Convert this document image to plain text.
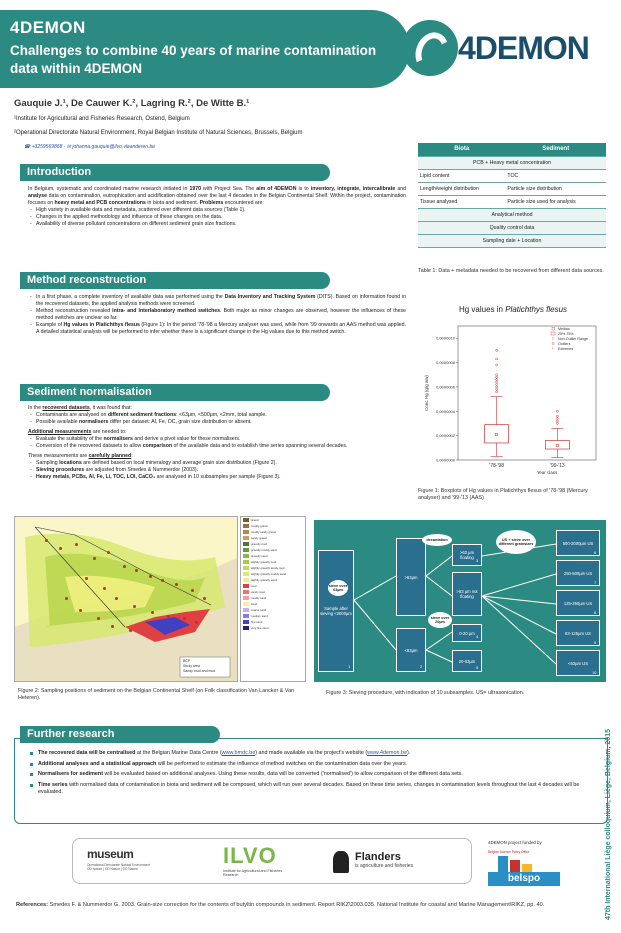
4DEMON
Challenges to combine 40 years of marine contamination data within 4DEMON
4DEMON
Gauquie J.¹, De Cauwer K.², Lagring R.², De Witte B.¹
¹Institute for Agricultural and Fisheries Research, Ostend, Belgium
²Operational Directorate Natural Environment, Royal Belgian Institute of Natural Sciences, Brussels, Belgium
☎ +3259569868 · ✉ johanna.gauquie@ilvo.vlaanderen.be
Introduction

In Belgium, systematic and coordinated marine research initiated in 1970 with Project Sea. The aim of 4DEMON is to inventory, integrate, intercalibrate and analyse data on contamination, eutrophication and acidification obtained over the last 4 decades in the Belgian Continental Shelf. Within the project, contamination focuses on heavy metal and PCB concentrations in biota and sediment. Problems encountered are:

- High variety in available data and metadata, scattered over different data sources (Table 1).
- Changes in the applied methodology and influence of these changes on the data.
- Availability of diverse pollutant concentrations on different sediment grain size fractions.
Method reconstruction
- In a first phase, a complete inventory of available data was performed using the Data Inventory and Tracking System (DITS). Based on information found in the recovered datasets, the applied analysis methods were screened.
- Method reconstruction revealed intra- and interlaboratory method switches. Both major as minor changes are observed, however the influences of these method switches are unclear so far.
- Example of Hg values in Platichthys flesus (Figure 1): In the period '78-'98 a Mercury analyser was used, while from '99 onwards an AAS method was applied. A detailed statistical analysis will be performed to infer whether there is a significant change in the Hg values due to this method switch.
Sediment normalisation

In the recovered datasets, it was found that:

- Contaminants are analysed on different sediment fractions: <63µm, <500µm, <2mm, total sample.
- Possible available normalisers differ per dataset: Al, Fe, OC, grain size distribution or absent.

Additional measurements are needed to:

- Evaluate the suitability of the normalisers and derive a pivot value for these normalisers.
- Conversion of the recovered datasets to allow comparison of the available data and to establish time series spanning several decades.

These measurements are carefully planned:

- Sampling locations are defined based on local mineralogy and average grain size distribution (Figure 2).
- Sieving procedures are adjusted from Smedes & Nummerdor (2003).
- Heavy metals, PCBs, Al, Fe, Li, TOC, LOI, CaCO₃ are analysed in 10 subsamples per sample (Figure 3).
Biota	Sediment
PCB + Heavy metal concentration	
Lipid content	TOC
Length/weight distribution	Particle size distribution
Tissue analysed	Particle size used for analysis
Analytical method	
Quality control data	
Sampling date + Location	
Table 1: Data + metadata needed to be recovered from different data sources.
Hg values in Platichthys flesus
0,0000000
0,0000002
0,0000004
0,0000006
0,0000008
0,0000010
Conc Hg (g/g ww)
'78-'98	'99-'13
Year class
Median
25%-75%
Non-Outlier Range
Outliers
* Extremes
Figure 1: Boxplots of Hg values in Platichthys flesus of '78-'98 (Mercury analyser) and '99-'13 (AAS)
BCP
Study area
Sandy mud and mud
gravel
muddy gravel
muddy sandy gravel
sandy gravel
gravelly mud
gravelly muddy sand
gravelly sand
slightly gravelly mud
slightly gravelly sandy mud
slightly gravelly muddy sand
slightly gravelly sand
mud
sandy mud
muddy sand
sand
coarse sand
medium sand
fine sand
very fine sand
Figure 2: Sampling positions of sediment on the Belgian Continental Shelf (on Folk classification Van Lancker & Van Heteren).
Sample after sieving <2000µm
sieve over 63µm
>63µm
<63µm
decantation
>63 µm floating
>63 µm not floating
US + sieve over different grainsizes
sieve over 20µm
0-20 µm
20-63µm
500-2000µm US
250-500µm US
125-250µm US
63-125µm US
<63µm US
1	2
3
4
5
6
7
8
9
10
Figure 3: Sieving procedure, with indication of 10 subsamples. US= ultrasonication.
Further research
The recovered data will be centralised at the Belgian Marine Data Centre (www.bmdc.be) and made available via the project's website (www.4demon.be).
Additional analyses and a statistical approach will be performed to estimate the influence of method switches on the contamination data over the years.
Normalisers for sediment will be evaluated based on additional analyses. Using these results, data will be converted ('normalised') to allow comparison of the different data sets.
Time series with normalised data of contamination in biota and sediment will be composed, which will run over several decades. Based on these time series, changes in contamination levels throughout the last 4 decades will be evaluated.
museum
Operational Directorate Natural Environment
OD Nature | OD Natuur | OD Nature
ILVO
Institute for Agricultural and Fisheries Research
Flanders
is agriculture and fisheries
4DEMON project funded by
Belgian Science Policy Office
belspo	47th International Liège colloquium, Liège, Belgium, 2015
References: Smedes F. & Nummerdor G. 2003. Grain-size correction for the contents of butyltin compounds in sediment. Report RIKZ\2003.035. National Institute for coastal and Marine Management\RIKZ, pp. 40.
